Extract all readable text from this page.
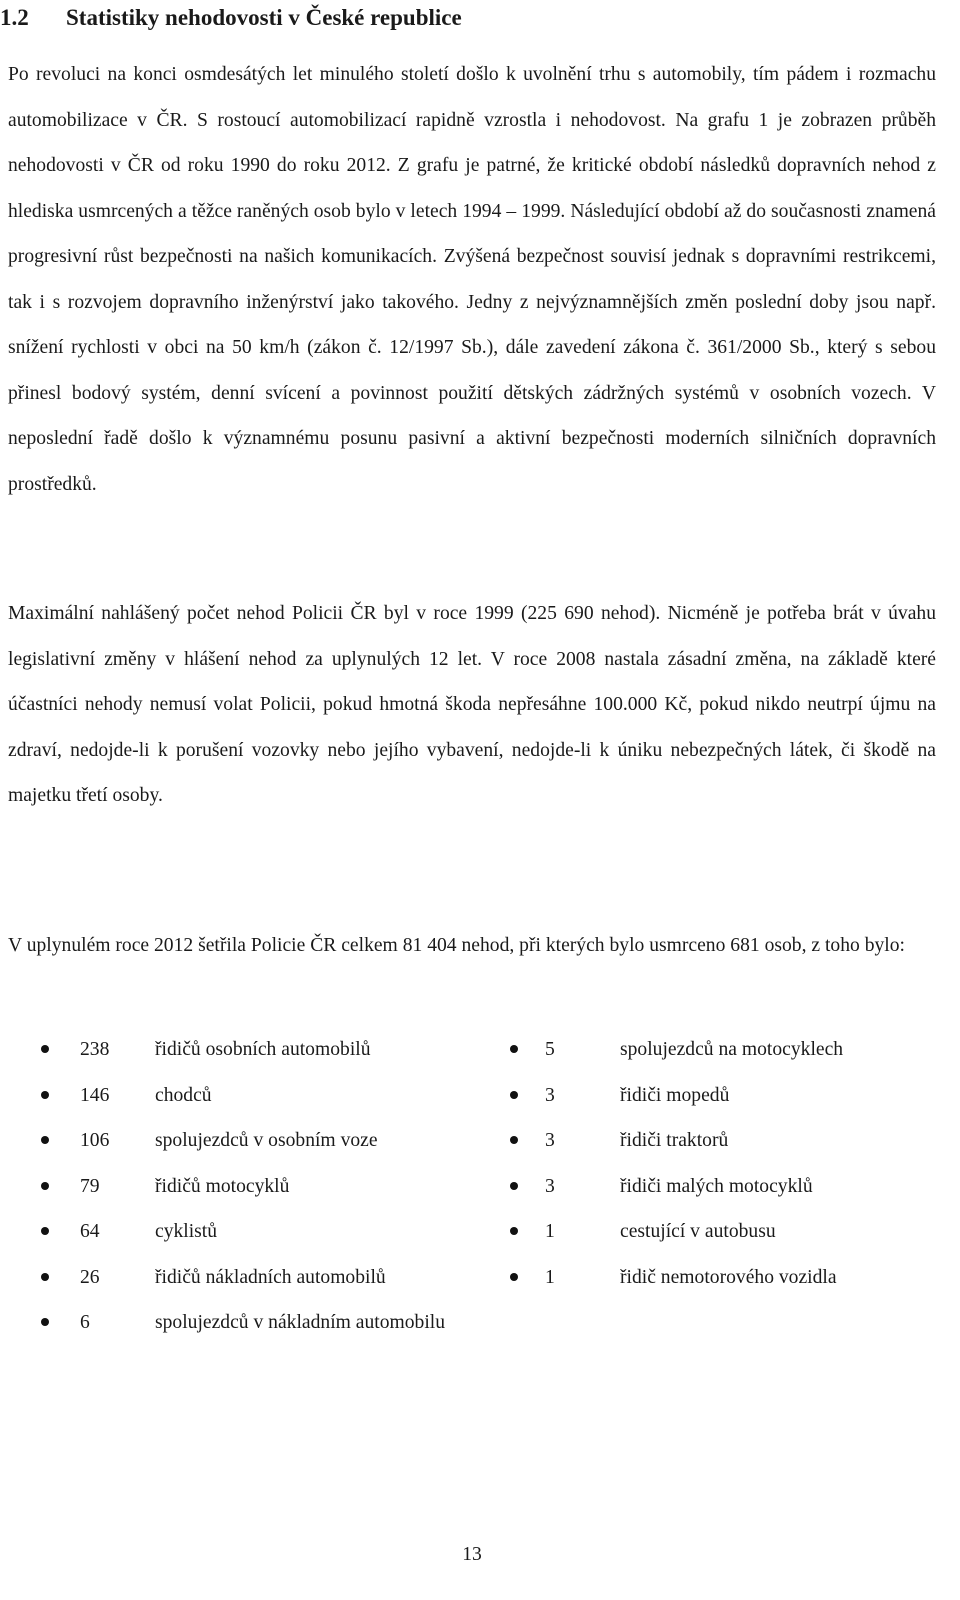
1.2 Statistiky nehodovosti v České republice

Po revoluci na konci osmdesátých let minulého století došlo k uvolnění trhu s automobily, tím pádem i rozmachu automobilizace v ČR. S rostoucí automobilizací rapidně vzrostla i nehodovost. Na grafu 1 je zobrazen průběh nehodovosti v ČR od roku 1990 do roku 2012. Z grafu je patrné, že kritické období následků dopravních nehod z hlediska usmrcených a těžce raněných osob bylo v letech 1994 – 1999. Následující období až do současnosti znamená progresivní růst bezpečnosti na našich komunikacích. Zvýšená bezpečnost souvisí jednak s dopravními restrikcemi, tak i s rozvojem dopravního inženýrství jako takového. Jedny z nejvýznamnějších změn poslední doby jsou např. snížení rychlosti v obci na 50 km/h (zákon č. 12/1997 Sb.), dále zavedení zákona č. 361/2000 Sb., který s sebou přinesl bodový systém, denní svícení a povinnost použití dětských zádržných systémů v osobních vozech. V neposlední řadě došlo k významnému posunu pasivní a aktivní bezpečnosti moderních silničních dopravních prostředků.

Maximální nahlášený počet nehod Policii ČR byl v roce 1999 (225 690 nehod). Nicméně je potřeba brát v úvahu legislativní změny v hlášení nehod za uplynulých 12 let. V roce 2008 nastala zásadní změna, na základě které účastníci nehody nemusí volat Policii, pokud hmotná škoda nepřesáhne 100.000 Kč, pokud nikdo neutrpí újmu na zdraví, nedojde-li k porušení vozovky nebo jejího vybavení, nedojde-li k úniku nebezpečných látek, či škodě na majetku třetí osoby.

V uplynulém roce 2012 šetřila Policie ČR celkem 81 404 nehod, při kterých bylo usmrceno 681 osob, z toho bylo:

238 řidičů osobních automobilů
146 chodců
106 spolujezdců v osobním voze
79	řidičů motocyklů
64	cyklistů
26	řidičů nákladních automobilů
6	spolujezdců v nákladním automobilu
5	spolujezdců na motocyklech
3	řidiči mopedů
3	řidiči traktorů
3	řidiči malých motocyklů
1	cestující v autobusu
1	řidič nemotorového vozidla
13
